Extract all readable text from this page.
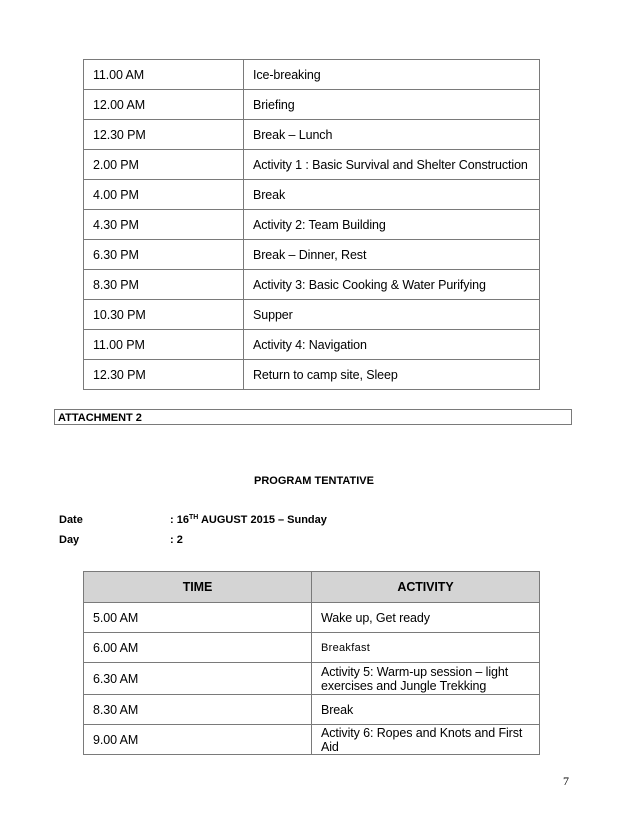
11.00 AM	Ice-breaking
12.00 AM	Briefing
12.30 PM	Break – Lunch
2.00 PM	Activity 1 : Basic Survival and Shelter Construction
4.00 PM	Break
4.30 PM	Activity 2: Team Building
6.30 PM	Break – Dinner, Rest
8.30 PM	Activity 3: Basic Cooking & Water Purifying
10.30 PM	Supper
11.00 PM	Activity 4: Navigation
12.30 PM	Return to camp site, Sleep
ATTACHMENT 2
PROGRAM TENTATIVE
Date	: 16TH AUGUST 2015 – Sunday
Day	: 2
TIME	ACTIVITY
5.00 AM	Wake up, Get ready
6.00 AM	Breakfast
6.30 AM	Activity 5: Warm-up session – light exercises and Jungle Trekking
8.30 AM	Break
9.00 AM	Activity 6: Ropes and Knots and First Aid
7
